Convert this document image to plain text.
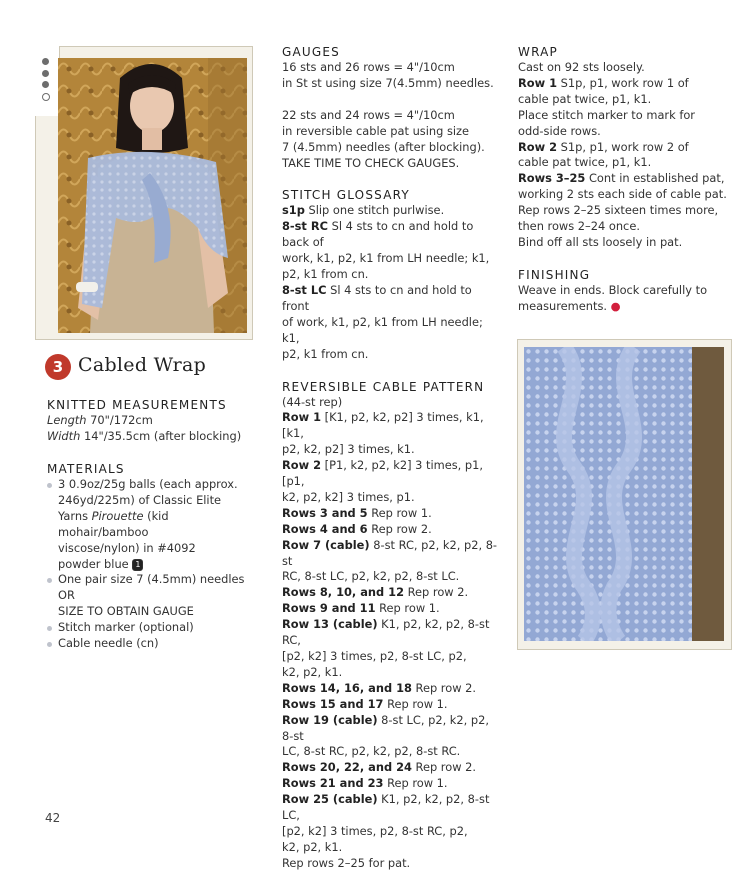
3 Cabled Wrap
KNITTED MEASUREMENTS
Length 70"/172cm
Width 14"/35.5cm (after blocking)
MATERIALS
3 0.9oz/25g balls (each approx.
246yd/225m) of Classic Elite
Yarns Pirouette (kid mohair/bamboo
viscose/nylon) in #4092
powder blue 1
One pair size 7 (4.5mm) needles OR
SIZE TO OBTAIN GAUGE
Stitch marker (optional)
Cable needle (cn)
GAUGES
16 sts and 26 rows = 4"/10cm
in St st using size 7(4.5mm) needles.
22 sts and 24 rows = 4"/10cm
in reversible cable pat using size
7 (4.5mm) needles (after blocking).
TAKE TIME TO CHECK GAUGES.
STITCH GLOSSARY
s1p Slip one stitch purlwise.
8-st RC Sl 4 sts to cn and hold to back of
work, k1, p2, k1 from LH needle; k1,
p2, k1 from cn.
8-st LC Sl 4 sts to cn and hold to front
of work, k1, p2, k1 from LH needle; k1,
p2, k1 from cn.
REVERSIBLE CABLE PATTERN
(44-st rep)
Row 1 [K1, p2, k2, p2] 3 times, k1, [k1,
p2, k2, p2] 3 times, k1.
Row 2 [P1, k2, p2, k2] 3 times, p1, [p1,
k2, p2, k2] 3 times, p1.
Rows 3 and 5 Rep row 1.
Rows 4 and 6 Rep row 2.
Row 7 (cable) 8-st RC, p2, k2, p2, 8-st
RC, 8-st LC, p2, k2, p2, 8-st LC.
Rows 8, 10, and 12 Rep row 2.
Rows 9 and 11 Rep row 1.
Row 13 (cable) K1, p2, k2, p2, 8-st RC,
[p2, k2] 3 times, p2, 8-st LC, p2,
k2, p2, k1.
Rows 14, 16, and 18 Rep row 2.
Rows 15 and 17 Rep row 1.
Row 19 (cable) 8-st LC, p2, k2, p2, 8-st
LC, 8-st RC, p2, k2, p2, 8-st RC.
Rows 20, 22, and 24 Rep row 2.
Rows 21 and 23 Rep row 1.
Row 25 (cable) K1, p2, k2, p2, 8-st LC,
[p2, k2] 3 times, p2, 8-st RC, p2,
k2, p2, k1.
Rep rows 2–25 for pat.
WRAP
Cast on 92 sts loosely.
Row 1 S1p, p1, work row 1 of
cable pat twice, p1, k1.
Place stitch marker to mark for
odd-side rows.
Row 2 S1p, p1, work row 2 of
cable pat twice, p1, k1.
Rows 3–25 Cont in established pat,
working 2 sts each side of cable pat.
Rep rows 2–25 sixteen times more,
then rows 2–24 once.
Bind off all sts loosely in pat.
FINISHING
Weave in ends. Block carefully to
measurements. ●
42
